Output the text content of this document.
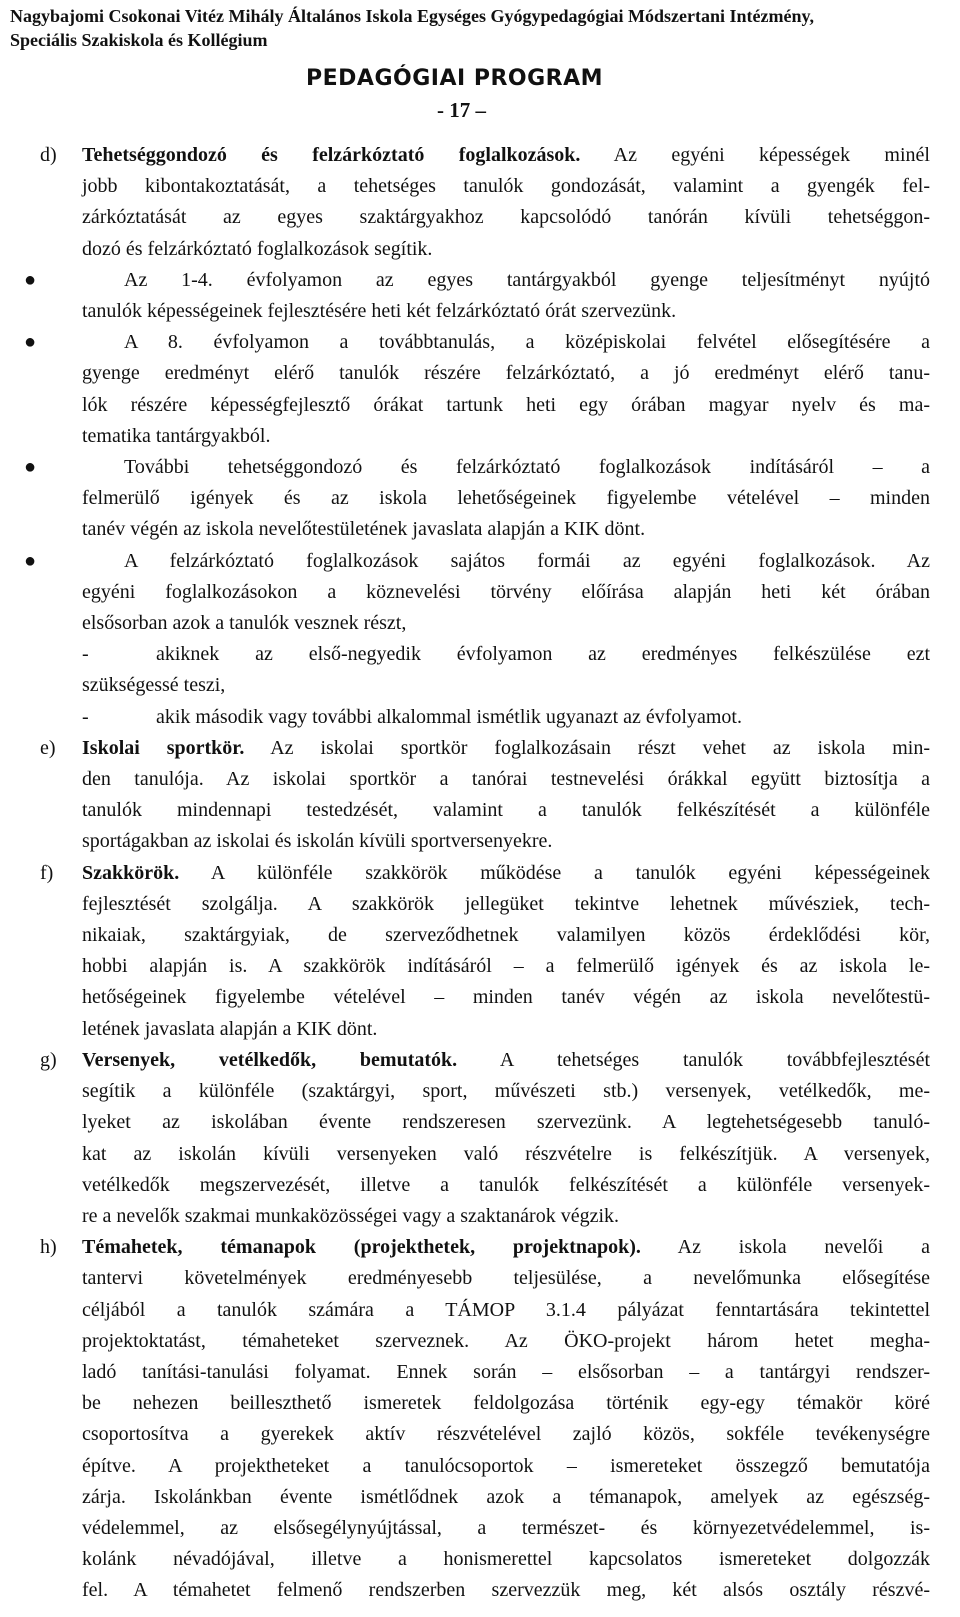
Nagybajomi Csokonai Vitéz Mihály Általános Iskola Egységes Gyógypedagógiai Módszertani Intézmény,
Speciális Szakiskola és Kollégium
PEDAGÓGIAI PROGRAM
- 17 –
d)	Tehetséggondozó és felzárkóztató foglalkozások. Az egyéni képességek minél
jobb kibontakoztatását, a tehetséges tanulók gondozását, valamint a gyengék fel-
zárkóztatását az egyes szaktárgyakhoz kapcsolódó tanórán kívüli tehetséggon-
dozó és felzárkóztató foglalkozások segítik.
●	Az 1-4. évfolyamon az egyes tantárgyakból gyenge teljesítményt nyújtó
tanulók képességeinek fejlesztésére heti két felzárkóztató órát szervezünk.
●	A 8. évfolyamon a továbbtanulás, a középiskolai felvétel elősegítésére a
gyenge eredményt elérő tanulók részére felzárkóztató, a jó eredményt elérő tanu-
lók részére képességfejlesztő órákat tartunk heti egy órában magyar nyelv és ma-
tematika tantárgyakból.
●	További tehetséggondozó és felzárkóztató foglalkozások indításáról – a
felmerülő igények és az iskola lehetőségeinek figyelembe vételével – minden
tanév végén az iskola nevelőtestületének javaslata alapján a KIK dönt.
●	A felzárkóztató foglalkozások sajátos formái az egyéni foglalkozások. Az
egyéni foglalkozásokon a köznevelési törvény előírása alapján heti két órában
elsősorban azok a tanulók vesznek részt,
-	akiknek az első-negyedik évfolyamon az eredményes felkészülése ezt
szükségessé teszi,
-	akik második vagy további alkalommal ismétlik ugyanazt az évfolyamot.
e)	Iskolai sportkör. Az iskolai sportkör foglalkozásain részt vehet az iskola min-
den tanulója. Az iskolai sportkör a tanórai testnevelési órákkal együtt biztosítja a
tanulók mindennapi testedzését, valamint a tanulók felkészítését a különféle
sportágakban az iskolai és iskolán kívüli sportversenyekre.
f)	Szakkörök. A különféle szakkörök működése a tanulók egyéni képességeinek
fejlesztését szolgálja. A szakkörök jellegüket tekintve lehetnek művésziek, tech-
nikaiak, szaktárgyiak, de szerveződhetnek valamilyen közös érdeklődési kör,
hobbi alapján is. A szakkörök indításáról – a felmerülő igények és az iskola le-
hetőségeinek figyelembe vételével – minden tanév végén az iskola nevelőtestü-
letének javaslata alapján a KIK dönt.
g)	Versenyek, vetélkedők, bemutatók. A tehetséges tanulók továbbfejlesztését
segítik a különféle (szaktárgyi, sport, művészeti stb.) versenyek, vetélkedők, me-
lyeket az iskolában évente rendszeresen szervezünk. A legtehetségesebb tanuló-
kat az iskolán kívüli versenyeken való részvételre is felkészítjük. A versenyek,
vetélkedők megszervezését, illetve a tanulók felkészítését a különféle versenyek-
re a nevelők szakmai munkaközösségei vagy a szaktanárok végzik.
h)	Témahetek, témanapok (projekthetek, projektnapok). Az iskola nevelői a
tantervi követelmények eredményesebb teljesülése, a nevelőmunka elősegítése
céljából a tanulók számára a TÁMOP 3.1.4 pályázat fenntartására tekintettel
projektoktatást, témaheteket szerveznek. Az ÖKO-projekt három hetet megha-
ladó tanítási-tanulási folyamat. Ennek során – elsősorban – a tantárgyi rendszer-
be nehezen beilleszthető ismeretek feldolgozása történik egy-egy témakör köré
csoportosítva a gyerekek aktív részvételével zajló közös, sokféle tevékenységre
építve. A projektheteket a tanulócsoportok – ismereteket összegző bemutatója
zárja. Iskolánkban évente ismétlődnek azok a témanapok, amelyek az egészség-
védelemmel, az elsősegélynyújtással, a természet- és környezetvédelemmel, is-
kolánk névadójával, illetve a honismerettel kapcsolatos ismereteket dolgozzák
fel. A témahetet felmenő rendszerben szervezzük meg, két alsós osztály részvé-
